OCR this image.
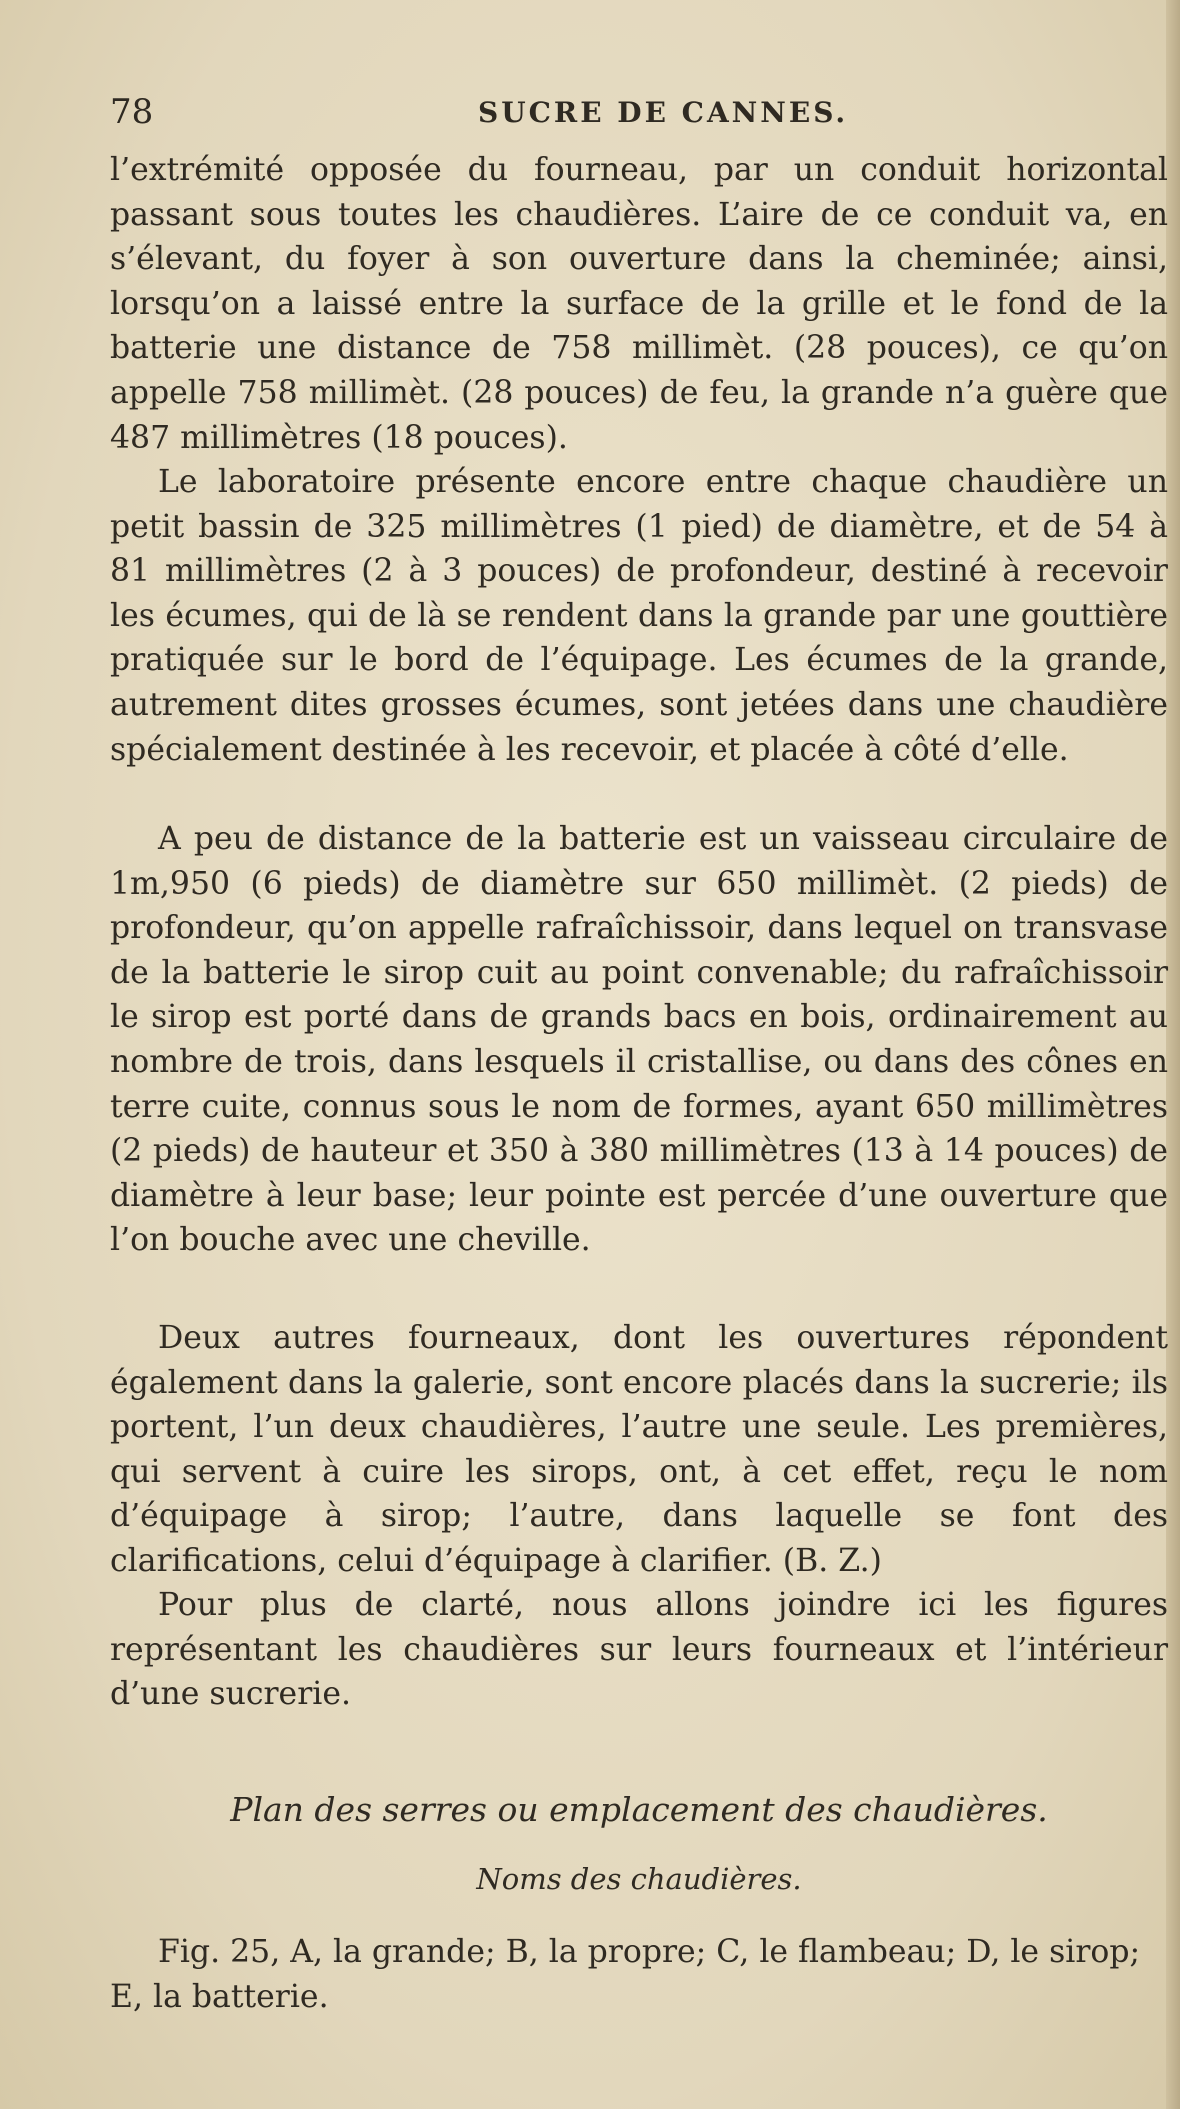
78	SUCRE DE CANNES.

l’extrémité opposée du fourneau, par un conduit horizontal passant sous toutes les chaudières. L’aire de ce conduit va, en s’élevant, du foyer à son ouverture dans la cheminée; ainsi, lorsqu’on a laissé entre la surface de la grille et le fond de la batterie une distance de 758 millimèt. (28 pouces), ce qu’on appelle 758 millimèt. (28 pouces) de feu, la grande n’a guère que 487 millimètres (18 pouces).

Le laboratoire présente encore entre chaque chaudière un petit bassin de 325 millimètres (1 pied) de diamètre, et de 54 à 81 millimètres (2 à 3 pouces) de profondeur, destiné à recevoir les écumes, qui de là se rendent dans la grande par une gouttière pratiquée sur le bord de l’équipage. Les écumes de la grande, autrement dites grosses écumes, sont jetées dans une chaudière spécialement destinée à les recevoir, et placée à côté d’elle.

A peu de distance de la batterie est un vaisseau circulaire de 1m,950 (6 pieds) de diamètre sur 650 millimèt. (2 pieds) de profondeur, qu’on appelle rafraîchissoir, dans lequel on transvase de la batterie le sirop cuit au point convenable; du rafraîchissoir le sirop est porté dans de grands bacs en bois, ordinairement au nombre de trois, dans lesquels il cristallise, ou dans des cônes en terre cuite, connus sous le nom de formes, ayant 650 millimètres (2 pieds) de hauteur et 350 à 380 millimètres (13 à 14 pouces) de diamètre à leur base; leur pointe est percée d’une ouverture que l’on bouche avec une cheville.

Deux autres fourneaux, dont les ouvertures répondent également dans la galerie, sont encore placés dans la sucrerie; ils portent, l’un deux chaudières, l’autre une seule. Les premières, qui servent à cuire les sirops, ont, à cet effet, reçu le nom d’équipage à sirop; l’autre, dans laquelle se font des clarifications, celui d’équipage à clarifier. (B. Z.)

Pour plus de clarté, nous allons joindre ici les figures représentant les chaudières sur leurs fourneaux et l’intérieur d’une sucrerie.

Plan des serres ou emplacement des chaudières.
Noms des chaudières.
Fig. 25, A, la grande; B, la propre; C, le flambeau; D, le sirop; E, la batterie.
